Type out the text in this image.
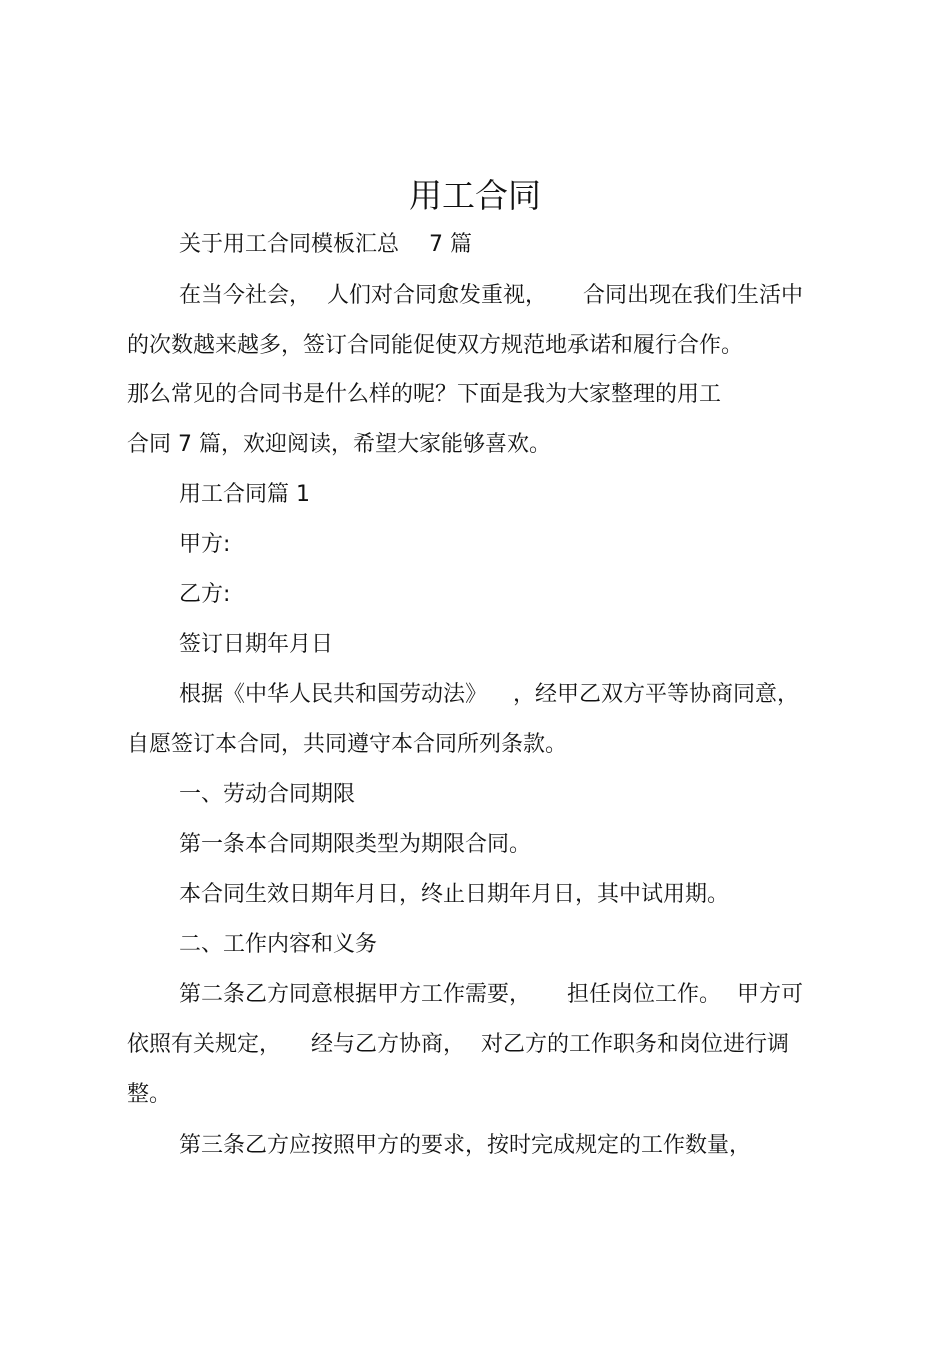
用工合同
关于用工合同模板汇总 7 篇
在当今社会， 人们对合同愈发重视， 合同出现在我们生活中
的次数越来越多，签订合同能促使双方规范地承诺和履行合作。
那么常见的合同书是什么样的呢？下面是我为大家整理的用工
合同 7 篇，欢迎阅读，希望大家能够喜欢。
用工合同篇 1
甲方:
乙方:
签订日期年月日
根据《中华人民共和国劳动法》 ，经甲乙双方平等协商同意，
自愿签订本合同，共同遵守本合同所列条款。
一、劳动合同期限
第一条本合同期限类型为期限合同。
本合同生效日期年月日，终止日期年月日，其中试用期。
二、工作内容和义务
第二条乙方同意根据甲方工作需要， 担任岗位工作。 甲方可
依照有关规定， 经与乙方协商， 对乙方的工作职务和岗位进行调
整。
第三条乙方应按照甲方的要求，按时完成规定的工作数量，
